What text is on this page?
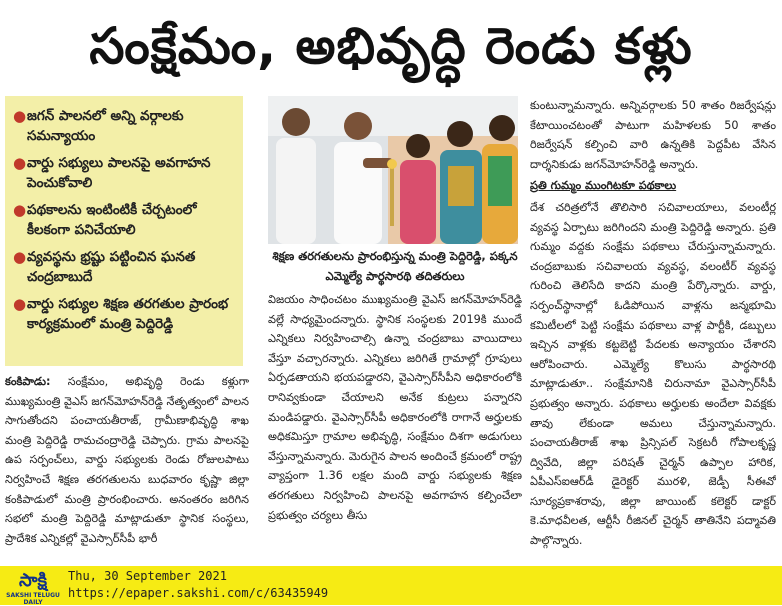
సంక్షేమం, అభివృద్ధి రెండు కళ్లు
● జగన్ పాలనలో అన్ని వర్గాలకు సమన్యాయం
● వార్డు సభ్యులు పాలనపై అవగాహన పెంచుకోవాలి
● పథకాలను ఇంటింటికీ చేర్చటంలో కీలకంగా పనిచేయాలి
● వ్యవస్థను భ్రష్టు పట్టించిన ఘనత చంద్రబాబుదే
● వార్డు సభ్యుల శిక్షణ తరగతుల ప్రారంభ కార్యక్రమంలో మంత్రి పెద్దిరెడ్డి
శిక్షణ తరగతులను ప్రారంభిస్తున్న మంత్రి పెద్దిరెడ్డి, పక్కన ఎమ్మెల్యే పార్థసారథి తదితరులు

కంకిపాడు: సంక్షేమం, అభివృద్ధి రెండు కళ్లుగా ముఖ్యమంత్రి వైఎస్ జగన్‌మోహన్‌రెడ్డి నేతృత్వంలో పాలన సాగుతోందని పంచాయతీరాజ్, గ్రామీణాభివృద్ధి శాఖ మంత్రి పెద్దిరెడ్డి రామచంద్రారెడ్డి చెప్పారు. గ్రామ పాలనపై ఉప సర్పంచ్‌లు, వార్డు సభ్యులకు రెండు రోజులపాటు నిర్వహించే శిక్షణ తరగతులను బుధవారం కృష్ణా జిల్లా కంకిపాడులో మంత్రి ప్రారంభించారు. అనంతరం జరిగిన సభలో మంత్రి పెద్దిరెడ్డి మాట్లాడుతూ స్థానిక సంస్థలు, ప్రాదేశిక ఎన్నికల్లో వైఎస్సార్‌సీపీ భారీ

విజయం సాధించటం ముఖ్యమంత్రి వైఎస్ జగన్‌మోహన్‌రెడ్డి వల్లే సాధ్యమైందన్నారు. స్థానిక సంస్థలకు 2019కి ముందే ఎన్నికలు నిర్వహించాల్సి ఉన్నా చంద్రబాబు వాయిదాలు వేస్తూ వచ్చారన్నారు. ఎన్నికలు జరిగితే గ్రామాల్లో గ్రూపులు ఏర్పడతాయని భయపడ్డారని, వైఎస్సార్‌సీపీని అధికారంలోకి రానివ్వకుండా చేయాలని అనేక కుట్రలు పన్నారని మండిపడ్డారు. వైఎస్సార్‌సీపీ అధికారంలోకి రాగానే అర్హులకు అధికమిస్తూ గ్రామాల అభివృద్ధి, సంక్షేమం దిశగా అడుగులు వేస్తున్నామన్నారు. మెరుగైన పాలన అందించే క్రమంలో రాష్ట్ర వ్యాప్తంగా 1.36 లక్షల మంది వార్డు సభ్యులకు శిక్షణ తరగతులు నిర్వహించి పాలనపై అవగాహన కల్పించేలా ప్రభుత్వం చర్యలు తీసు

కుంటున్నామన్నారు. అన్నివర్గాలకు 50 శాతం రిజర్వేషన్లు కేటాయించటంతో పాటుగా మహిళలకు 50 శాతం రిజర్వేషన్ కల్పించి వారి ఉన్నతికి పెద్దపీట వేసిన దార్శనికుడు జగన్‌మోహన్‌రెడ్డి అన్నారు.

ప్రతి గుమ్మం ముంగిటకూ పథకాలు

దేశ చరిత్రలోనే తొలిసారి సచివాలయాలు, వలంటీర్ల వ్యవస్థ ఏర్పాటు జరిగిందని మంత్రి పెద్దిరెడ్డి అన్నారు. ప్రతి గుమ్మం వద్దకు సంక్షేమ పథకాలు చేరుస్తున్నామన్నారు. చంద్రబాబుకు సచివాలయ వ్యవస్థ, వలంటీర్ వ్యవస్థ గురించి తెలిసేది కాదని మంత్రి పేర్కొన్నారు. వార్డు, సర్పంచ్‌స్థానాల్లో ఓడిపోయిన వాళ్లను జన్మభూమి కమిటీలలో పెట్టి సంక్షేమ పథకాలు వాళ్ల పార్టీకి, డబ్బులు ఇచ్చిన వాళ్లకు కట్టబెట్టి పేదలకు అన్యాయం చేశారని ఆరోపించారు. ఎమ్మెల్యే కొలుసు పార్థసారథి మాట్లాడుతూ.. సంక్షేమానికి చిరునామా వైఎస్సార్‌సీపీ ప్రభుత్వం అన్నారు. పథకాలు అర్హులకు అందేలా వివక్షకు తావు లేకుండా అమలు చేస్తున్నామన్నారు. పంచాయతీరాజ్ శాఖ ప్రిన్సిపల్ సెక్రటరీ గోపాలకృష్ణ ద్వివేది, జిల్లా పరిషత్ చైర్మన్ ఉప్పాల హారిక, ఏపీఎస్‌ఐఆర్‌డీ డైరెక్టర్ మురళి, జెడ్పీ సీఈవో సూర్యప్రకాశరావు, జిల్లా జాయింట్ కలెక్టర్ డాక్టర్ కె.మాధవీలత, ఆర్టీసీ రీజినల్ చైర్మన్ తాతినేని పద్మావతి పాల్గొన్నారు.

సాక్షి
SAKSHI TELUGU DAILY
Thu, 30 September 2021
https://epaper.sakshi.com/c/63435949
